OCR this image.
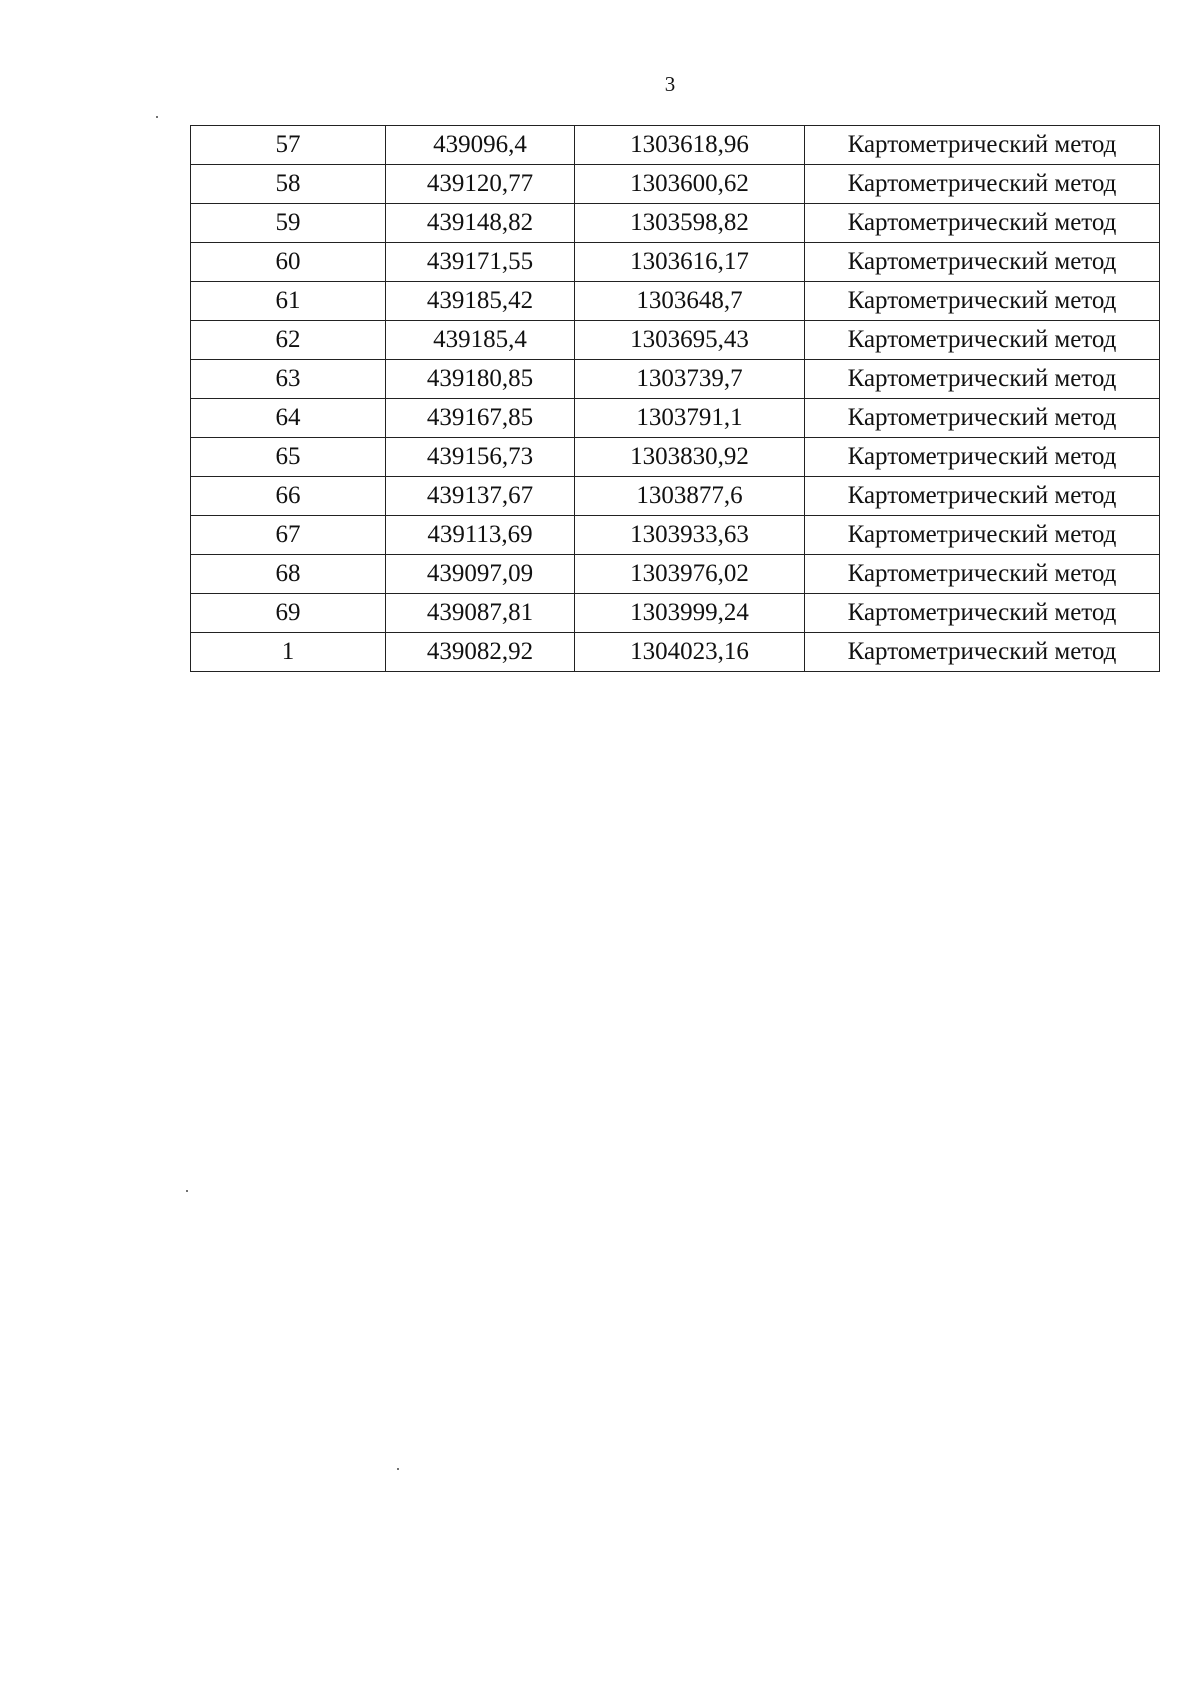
3
57	439096,4	1303618,96	Картометрический метод
58	439120,77	1303600,62	Картометрический метод
59	439148,82	1303598,82	Картометрический метод
60	439171,55	1303616,17	Картометрический метод
61	439185,42	1303648,7	Картометрический метод
62	439185,4	1303695,43	Картометрический метод
63	439180,85	1303739,7	Картометрический метод
64	439167,85	1303791,1	Картометрический метод
65	439156,73	1303830,92	Картометрический метод
66	439137,67	1303877,6	Картометрический метод
67	439113,69	1303933,63	Картометрический метод
68	439097,09	1303976,02	Картометрический метод
69	439087,81	1303999,24	Картометрический метод
1	439082,92	1304023,16	Картометрический метод
